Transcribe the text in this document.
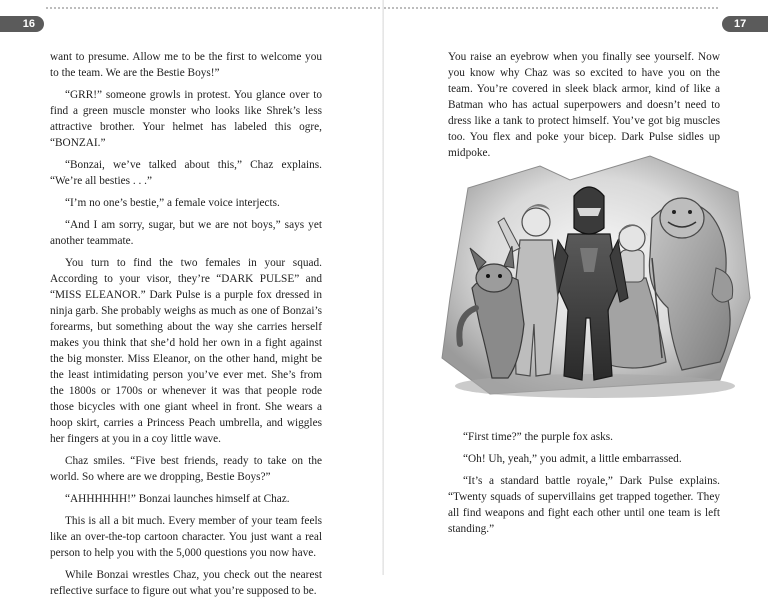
16

want to presume. Allow me to be the first to welcome you to the team. We are the Bestie Boys!”

“GRR!” someone growls in protest. You glance over to find a green muscle monster who looks like Shrek’s less attractive brother. Your helmet has labeled this ogre, “BONZAI.”

“Bonzai, we’ve talked about this,” Chaz explains. “We’re all besties . . .”

“I’m no one’s bestie,” a female voice interjects.

“And I am sorry, sugar, but we are not boys,” says yet another teammate.

You turn to find the two females in your squad. According to your visor, they’re “DARK PULSE” and “MISS ELEANOR.” Dark Pulse is a purple fox dressed in ninja garb. She probably weighs as much as one of Bonzai’s forearms, but something about the way she carries herself makes you think that she’d hold her own in a fight against the big monster. Miss Eleanor, on the other hand, might be the least intimidating person you’ve ever met. She’s from the 1800s or 1700s or whenever it was that people rode those bicycles with one giant wheel in front. She wears a hoop skirt, carries a Princess Peach umbrella, and wiggles her fingers at you in a coy little wave.

Chaz smiles. “Five best friends, ready to take on the world. So where are we dropping, Bestie Boys?”

“AHHHHHH!” Bonzai launches himself at Chaz.

This is all a bit much. Every member of your team feels like an over-the-top cartoon character. You just want a real person to help you with the 5,000 questions you now have.

While Bonzai wrestles Chaz, you check out the nearest reflective surface to figure out what you’re supposed to be.

17

You raise an eyebrow when you finally see yourself. Now you know why Chaz was so excited to have you on the team. You’re covered in sleek black armor, kind of like a Batman who has actual superpowers and doesn’t need to dress like a tank to protect himself. You’ve got big muscles too. You flex and poke your bicep. Dark Pulse sidles up midpoke.

“First time?” the purple fox asks.

“Oh! Uh, yeah,” you admit, a little embarrassed.

“It’s a standard battle royale,” Dark Pulse explains. “Twenty squads of supervillains get trapped together. They all find weapons and fight each other until one team is left standing.”
